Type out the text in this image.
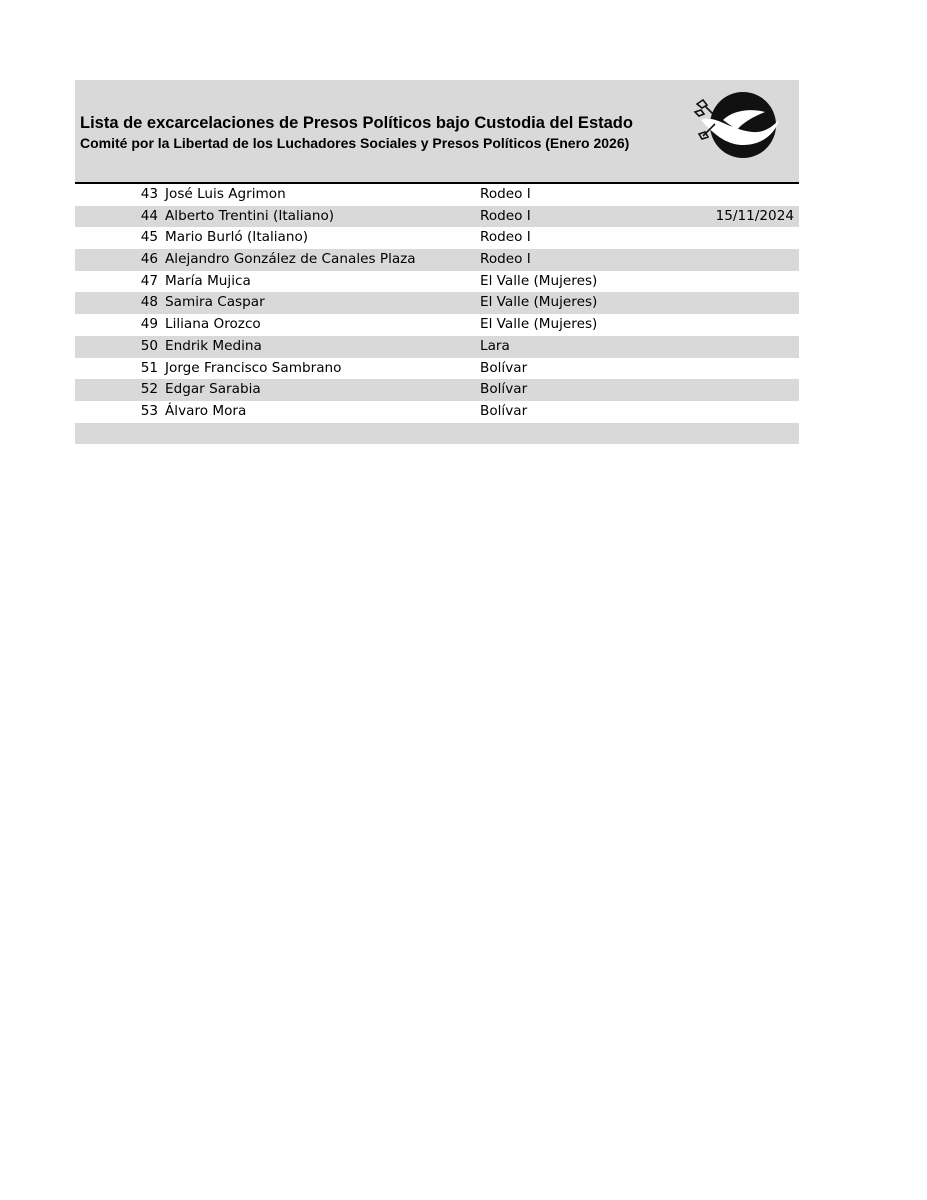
Lista de excarcelaciones de Presos Políticos bajo Custodia del Estado
Comité por la Libertad de los Luchadores Sociales y Presos Políticos (Enero 2026)
43 José Luis Agrimon	Rodeo I
44 Alberto Trentini (Italiano)	Rodeo I	15/11/2024
45 Mario Burló (Italiano)	Rodeo I
46 Alejandro González de Canales Plaza	Rodeo I
47 María Mujica	El Valle (Mujeres)
48 Samira Caspar	El Valle (Mujeres)
49 Liliana Orozco	El Valle (Mujeres)
50 Endrik Medina	Lara
51 Jorge Francisco Sambrano	Bolívar
52 Edgar Sarabia	Bolívar
53 Álvaro Mora	Bolívar
